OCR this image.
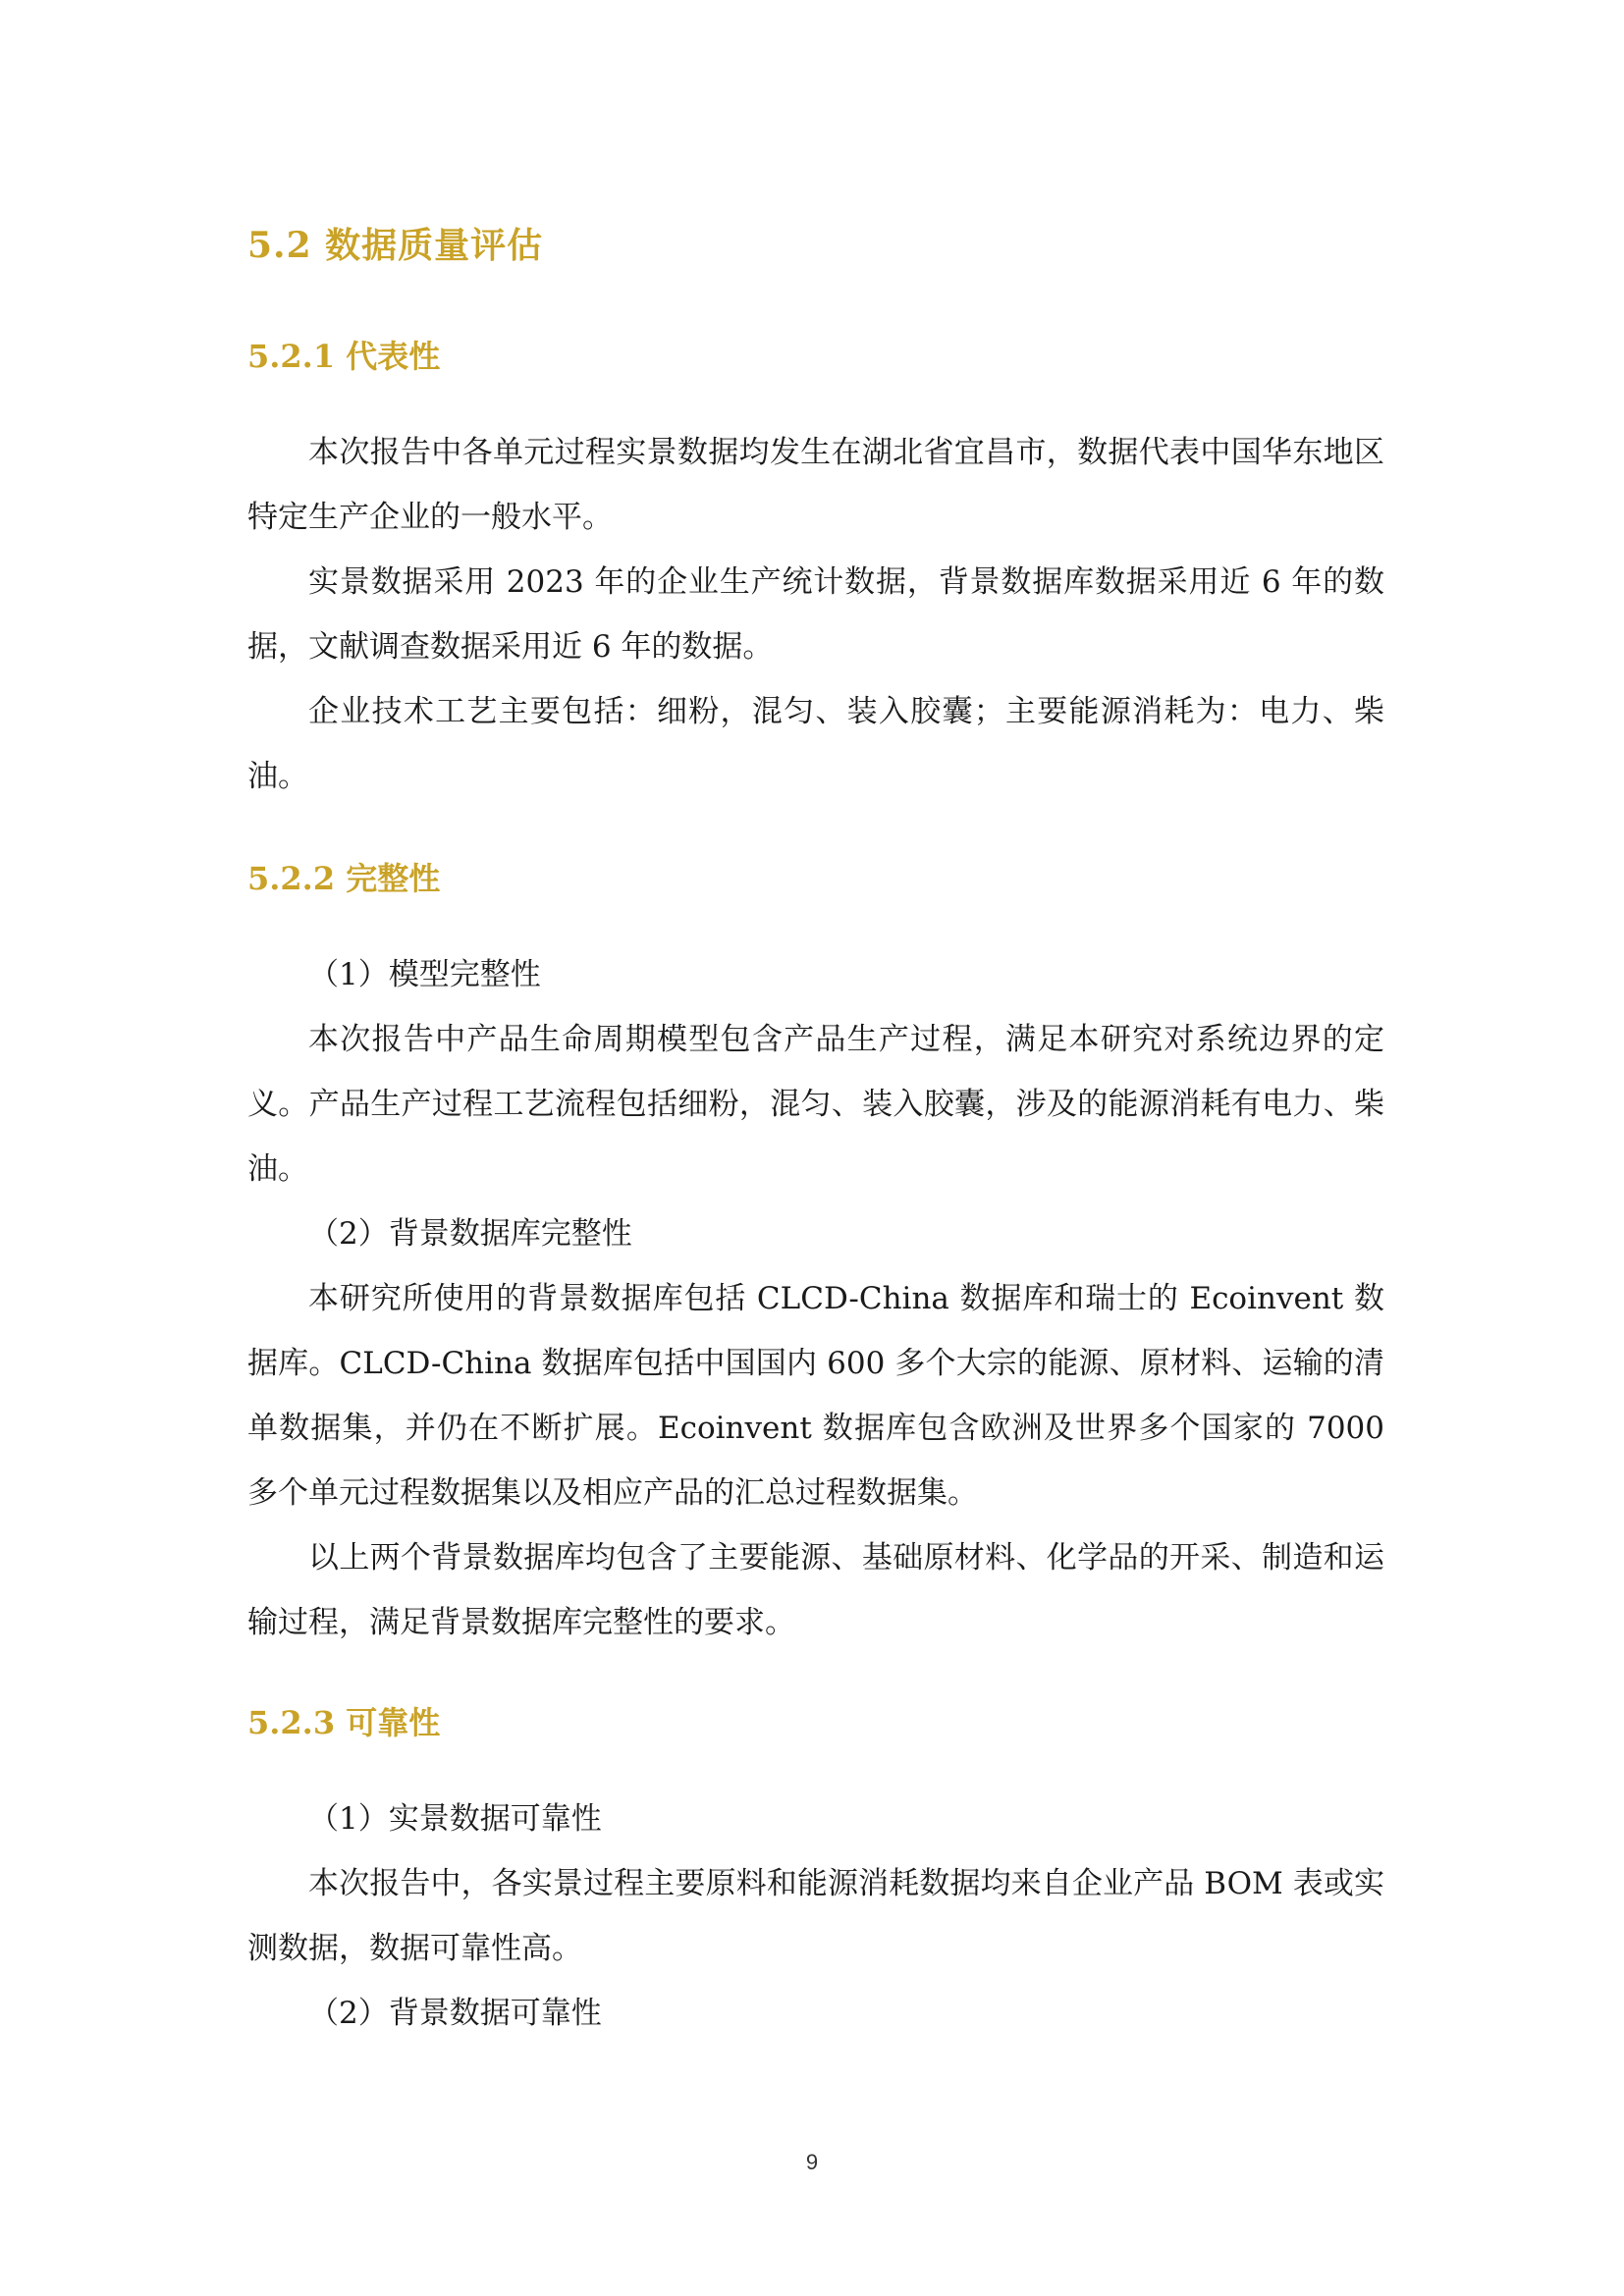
5.2 数据质量评估
5.2.1 代表性

本次报告中各单元过程实景数据均发生在湖北省宜昌市，数据代表中国华东地区特定生产企业的一般水平。

实景数据采用 2023 年的企业生产统计数据，背景数据库数据采用近 6 年的数据，文献调查数据采用近 6 年的数据。

企业技术工艺主要包括：细粉，混匀、装入胶囊；主要能源消耗为：电力、柴油。

5.2.2 完整性

（1）模型完整性

本次报告中产品生命周期模型包含产品生产过程，满足本研究对系统边界的定义。产品生产过程工艺流程包括细粉，混匀、装入胶囊，涉及的能源消耗有电力、柴油。

（2）背景数据库完整性

本研究所使用的背景数据库包括 CLCD-China 数据库和瑞士的 Ecoinvent 数据库。CLCD-China 数据库包括中国国内 600 多个大宗的能源、原材料、运输的清单数据集，并仍在不断扩展。Ecoinvent 数据库包含欧洲及世界多个国家的 7000 多个单元过程数据集以及相应产品的汇总过程数据集。

以上两个背景数据库均包含了主要能源、基础原材料、化学品的开采、制造和运输过程，满足背景数据库完整性的要求。

5.2.3 可靠性

（1）实景数据可靠性

本次报告中，各实景过程主要原料和能源消耗数据均来自企业产品 BOM 表或实测数据，数据可靠性高。

（2）背景数据可靠性

9
